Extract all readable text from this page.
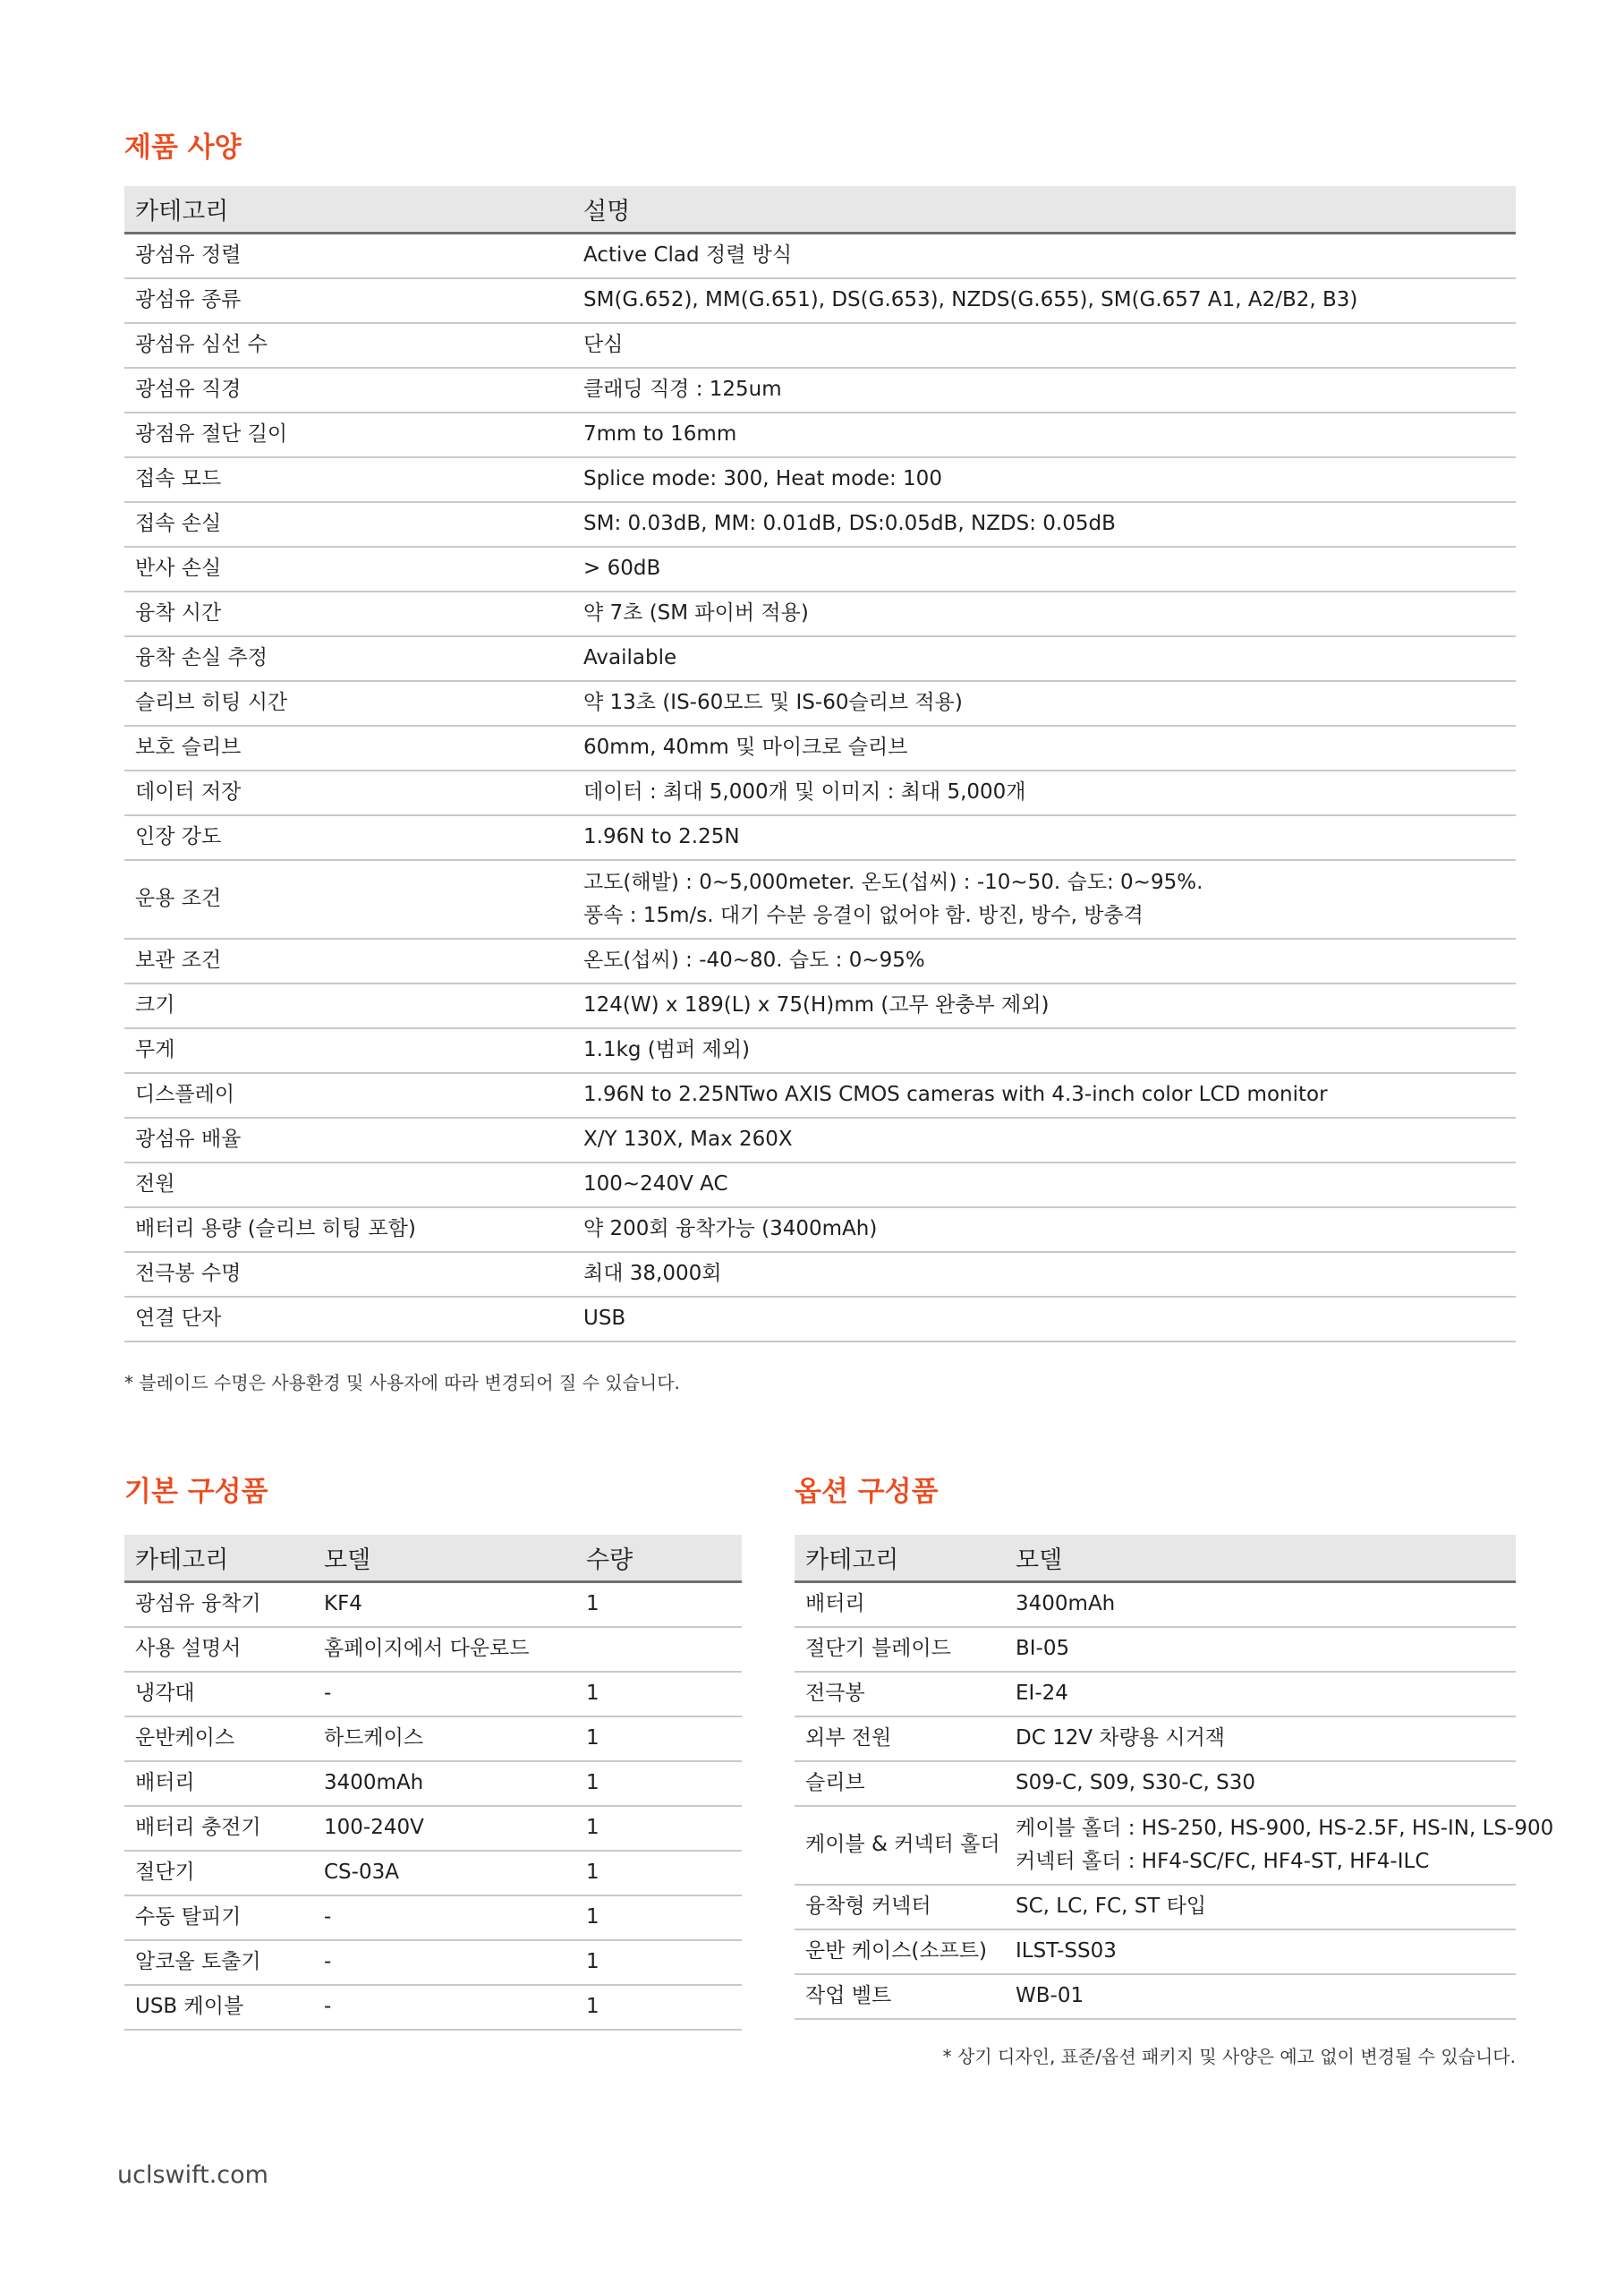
제품 사양
카테고리	설명
광섬유 정렬	Active Clad 정렬 방식
광섬유 종류	SM(G.652), MM(G.651), DS(G.653), NZDS(G.655), SM(G.657 A1, A2/B2, B3)
광섬유 심선 수	단심
광섬유 직경	클래딩 직경 : 125um
광점유 절단 길이	7mm to 16mm
접속 모드	Splice mode: 300, Heat mode: 100
접속 손실	SM: 0.03dB, MM: 0.01dB, DS:0.05dB, NZDS: 0.05dB
반사 손실	> 60dB
융착 시간	약 7초 (SM 파이버 적용)
융착 손실 추정	Available
슬리브 히팅 시간	약 13초 (IS-60모드 및 IS-60슬리브 적용)
보호 슬리브	60mm, 40mm 및 마이크로 슬리브
데이터 저장	데이터 : 최대 5,000개 및 이미지 : 최대 5,000개
인장 강도	1.96N to 2.25N
운용 조건	고도(해발) : 0~5,000meter. 온도(섭씨) : -10~50. 습도: 0~95%.
풍속 : 15m/s. 대기 수분 응결이 없어야 함. 방진, 방수, 방충격

보관 조건	온도(섭씨) : -40~80. 습도 : 0~95%
크기	124(W) x 189(L) x 75(H)mm (고무 완충부 제외)
무게	1.1kg (범퍼 제외)
디스플레이	1.96N to 2.25NTwo AXIS CMOS cameras with 4.3-inch color LCD monitor
광섬유 배율	X/Y 130X, Max 260X
전원	100~240V AC
배터리 용량 (슬리브 히팅 포함)	약 200회 융착가능 (3400mAh)
전극봉 수명	최대 38,000회
연결 단자	USB

* 블레이드 수명은 사용환경 및 사용자에 따라 변경되어 질 수 있습니다.

기본 구성품
카테고리	모델	수량
광섬유 융착기	KF4	1
사용 설명서	홈페이지에서 다운로드	
냉각대	-	1
운반케이스	하드케이스	1
배터리	3400mAh	1
배터리 충전기	100-240V	1
절단기	CS-03A	1
수동 탈피기	-	1
알코올 토출기	-	1
USB 케이블	-	1
옵션 구성품
카테고리	모델
배터리	3400mAh
절단기 블레이드	BI-05
전극봉	EI-24
외부 전원	DC 12V 차량용 시거잭
슬리브	S09-C, S09, S30-C, S30
케이블 & 커넥터 홀더	케이블 홀더 : HS-250, HS-900, HS-2.5F, HS-IN, LS-900
커넥터 홀더 : HF4-SC/FC, HF4-ST, HF4-ILC

융착형 커넥터	SC, LC, FC, ST 타입
운반 케이스(소프트)	ILST-SS03
작업 벨트	WB-01

* 상기 디자인, 표준/옵션 패키지 및 사양은 예고 없이 변경될 수 있습니다.

uclswift.com
